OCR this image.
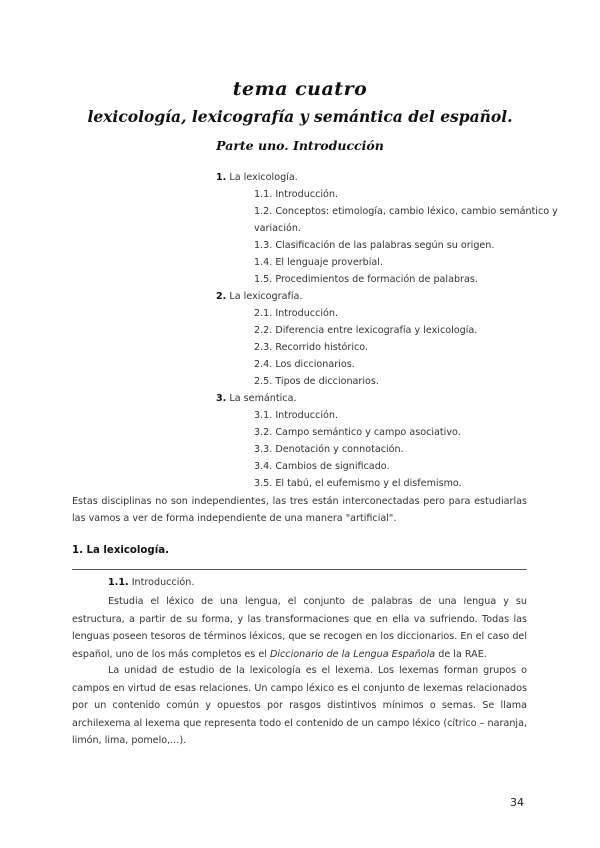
tema cuatro
lexicología, lexicografía y semántica del español.
Parte uno. Introducción
1. La lexicología.
1.1. Introducción.
1.2. Conceptos: etimología, cambio léxico, cambio semántico y
variación.
1.3. Clasificación de las palabras según su origen.
1.4. El lenguaje proverbial.
1.5. Procedimientos de formación de palabras.
2. La lexicografía.
2.1. Introducción.
2.2. Diferencia entre lexicografía y lexicología.
2.3. Recorrido histórico.
2.4. Los diccionarios.
2.5. Tipos de diccionarios.
3. La semántica.
3.1. Introducción.
3.2. Campo semántico y campo asociativo.
3.3. Denotación y connotación.
3.4. Cambios de significado.
3.5. El tabú, el eufemismo y el disfemismo.
Estas disciplinas no son independientes, las tres están interconectadas pero para estudiarlas las vamos a ver de forma independiente de una manera "artificial".
1. La lexicología.
1.1. Introducción.
Estudia el léxico de una lengua, el conjunto de palabras de una lengua y su estructura, a partir de su forma, y las transformaciones que en ella va sufriendo. Todas las lenguas poseen tesoros de términos léxicos, que se recogen en los diccionarios. En el caso del español, uno de los más completos es el Diccionario de la Lengua Española de la RAE.
La unidad de estudio de la lexicología es el lexema. Los lexemas forman grupos o campos en virtud de esas relaciones. Un campo léxico es el conjunto de lexemas relacionados por un contenido común y opuestos por rasgos distintivos mínimos o semas. Se llama archilexema al lexema que representa todo el contenido de un campo léxico (cítrico – naranja, limón, lima, pomelo,...).
34
